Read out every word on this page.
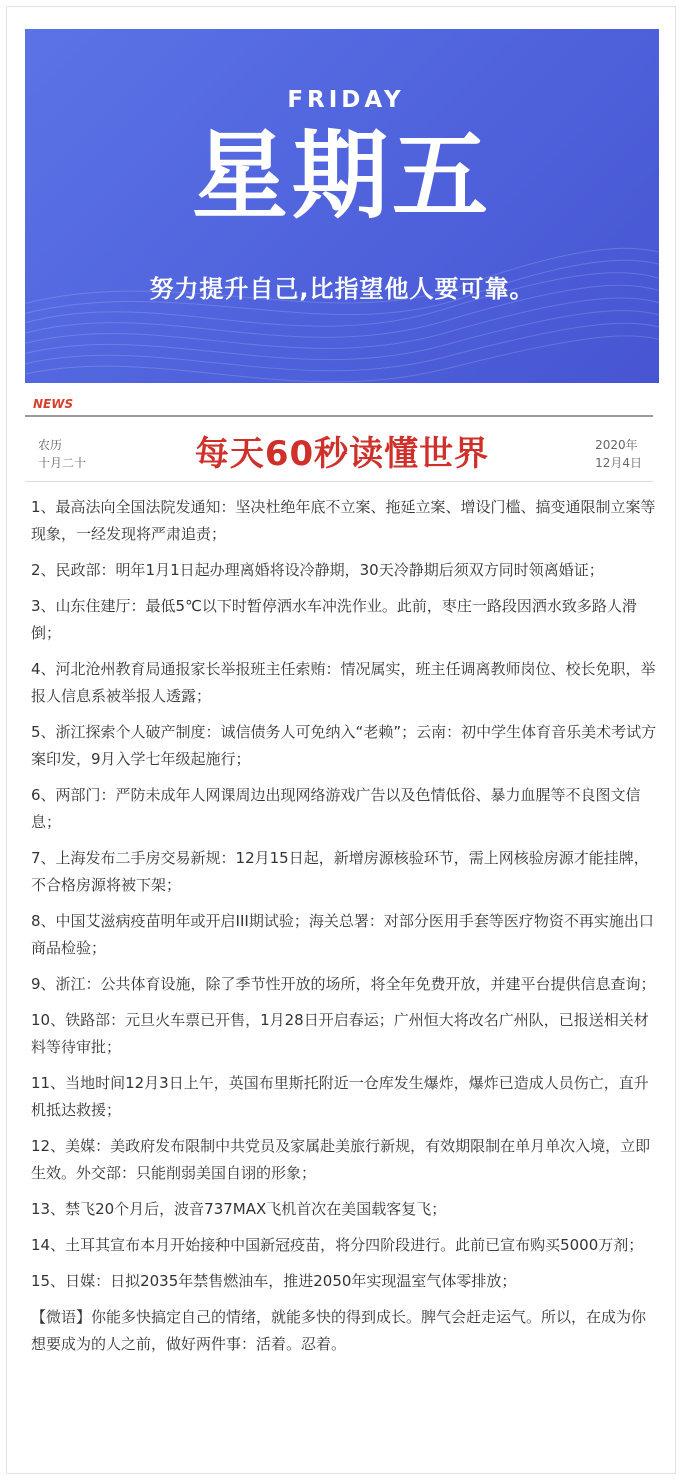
FRIDAY
星期五
努力提升自己,比指望他人要可靠。
NEWS
农历
十月二十	每天60秒读懂世界	2020年
12月4日
1、最高法向全国法院发通知：坚决杜绝年底不立案、拖延立案、增设门槛、搞变通限制立案等现象，一经发现将严肃追责；
2、民政部：明年1月1日起办理离婚将设冷静期，30天冷静期后须双方同时领离婚证；
3、山东住建厅：最低5℃以下时暂停洒水车冲洗作业。此前，枣庄一路段因洒水致多路人滑倒；
4、河北沧州教育局通报家长举报班主任索贿：情况属实，班主任调离教师岗位、校长免职，举报人信息系被举报人透露；
5、浙江探索个人破产制度：诚信债务人可免纳入“老赖”；云南：初中学生体育音乐美术考试方案印发，9月入学七年级起施行；
6、两部门：严防未成年人网课周边出现网络游戏广告以及色情低俗、暴力血腥等不良图文信息；
7、上海发布二手房交易新规：12月15日起，新增房源核验环节，需上网核验房源才能挂牌，不合格房源将被下架；
8、中国艾滋病疫苗明年或开启III期试验；海关总署：对部分医用手套等医疗物资不再实施出口商品检验；
9、浙江：公共体育设施，除了季节性开放的场所，将全年免费开放，并建平台提供信息查询；
10、铁路部：元旦火车票已开售，1月28日开启春运；广州恒大将改名广州队，已报送相关材料等待审批；
11、当地时间12月3日上午，英国布里斯托附近一仓库发生爆炸，爆炸已造成人员伤亡，直升机抵达救援；
12、美媒：美政府发布限制中共党员及家属赴美旅行新规，有效期限制在单月单次入境，立即生效。外交部：只能削弱美国自诩的形象；
13、禁飞20个月后，波音737MAX飞机首次在美国载客复飞；
14、土耳其宣布本月开始接种中国新冠疫苗，将分四阶段进行。此前已宣布购买5000万剂；
15、日媒：日拟2035年禁售燃油车，推进2050年实现温室气体零排放；

【微语】你能多快搞定自己的情绪，就能多快的得到成长。脾气会赶走运气。所以，在成为你想要成为的人之前，做好两件事：活着。忍着。
